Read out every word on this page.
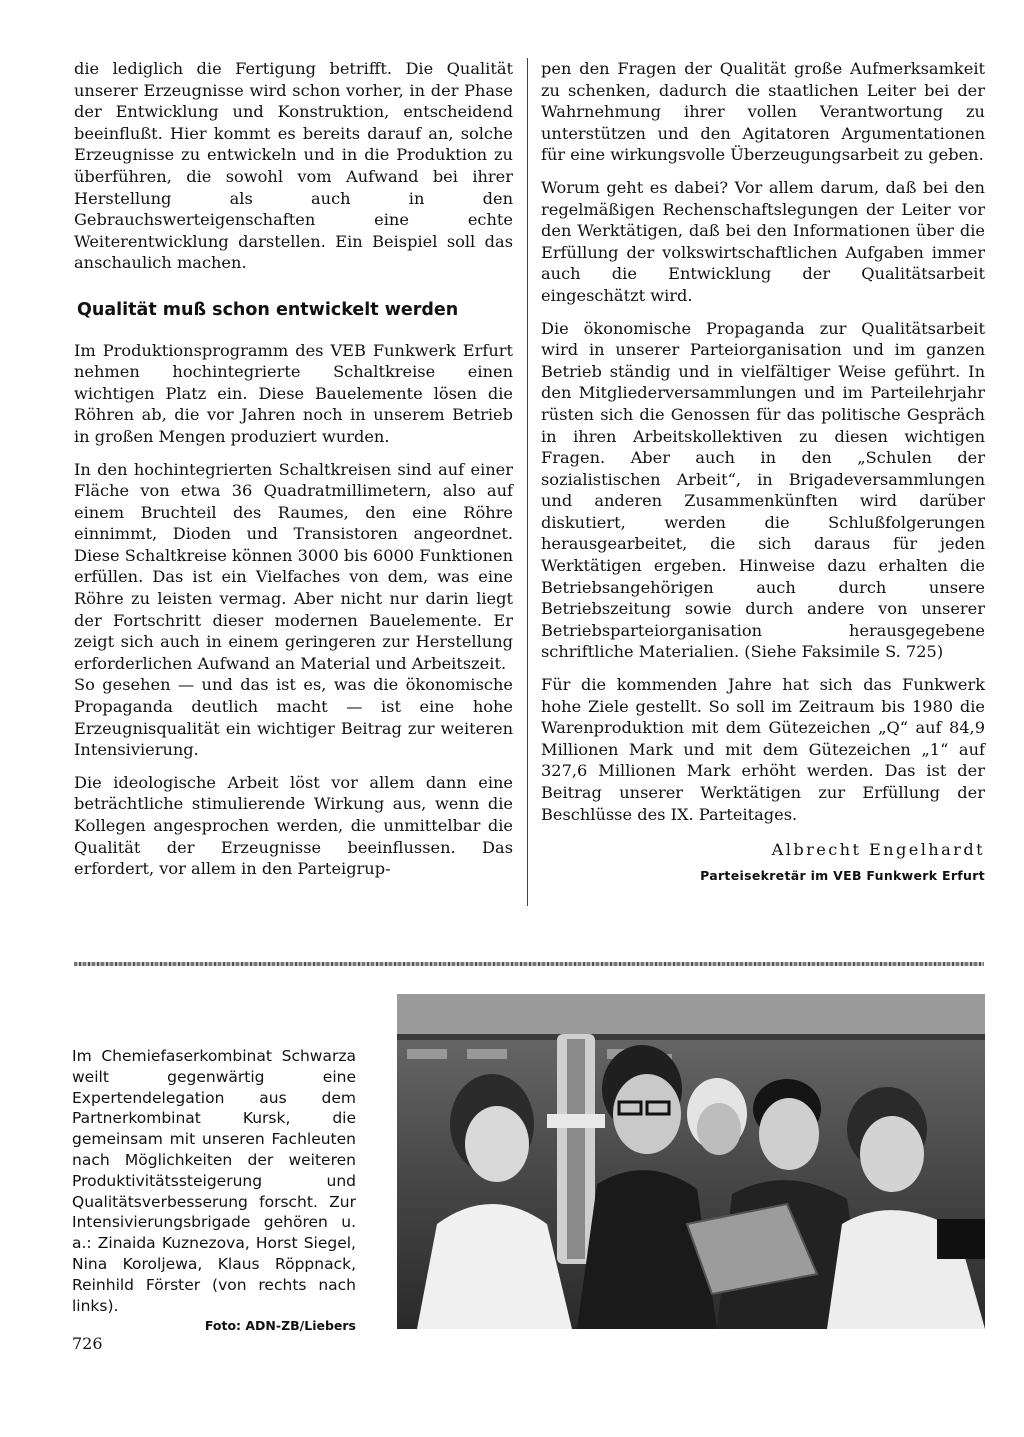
die lediglich die Fertigung betrifft. Die Qualität unserer Erzeugnisse wird schon vorher, in der Phase der Entwicklung und Konstruktion, entscheidend beeinflußt. Hier kommt es bereits darauf an, solche Erzeugnisse zu entwickeln und in die Produktion zu überführen, die sowohl vom Aufwand bei ihrer Herstellung als auch in den Gebrauchswerteigenschaften eine echte Weiterentwicklung darstellen. Ein Beispiel soll das anschaulich machen.

Qualität muß schon entwickelt werden

Im Produktionsprogramm des VEB Funkwerk Erfurt nehmen hochintegrierte Schaltkreise einen wichtigen Platz ein. Diese Bauelemente lösen die Röhren ab, die vor Jahren noch in unserem Betrieb in großen Mengen produziert wurden.

In den hochintegrierten Schaltkreisen sind auf einer Fläche von etwa 36 Quadratmillimetern, also auf einem Bruchteil des Raumes, den eine Röhre einnimmt, Dioden und Transistoren angeordnet. Diese Schaltkreise können 3000 bis 6000 Funktionen erfüllen. Das ist ein Vielfaches von dem, was eine Röhre zu leisten vermag. Aber nicht nur darin liegt der Fortschritt dieser modernen Bauelemente. Er zeigt sich auch in einem geringeren zur Herstellung erforderlichen Aufwand an Material und Arbeitszeit.

So gesehen — und das ist es, was die ökonomische Propaganda deutlich macht — ist eine hohe Erzeugnisqualität ein wichtiger Beitrag zur weiteren Intensivierung.

Die ideologische Arbeit löst vor allem dann eine beträchtliche stimulierende Wirkung aus, wenn die Kollegen angesprochen werden, die unmittelbar die Qualität der Erzeugnisse beeinflussen. Das erfordert, vor allem in den Parteigrup-

pen den Fragen der Qualität große Aufmerksamkeit zu schenken, dadurch die staatlichen Leiter bei der Wahrnehmung ihrer vollen Verantwortung zu unterstützen und den Agitatoren Argumentationen für eine wirkungsvolle Überzeugungsarbeit zu geben.

Worum geht es dabei? Vor allem darum, daß bei den regelmäßigen Rechenschaftslegungen der Leiter vor den Werktätigen, daß bei den Informationen über die Erfüllung der volkswirtschaftlichen Aufgaben immer auch die Entwicklung der Qualitätsarbeit eingeschätzt wird.

Die ökonomische Propaganda zur Qualitätsarbeit wird in unserer Parteiorganisation und im ganzen Betrieb ständig und in vielfältiger Weise geführt. In den Mitgliederversammlungen und im Parteilehrjahr rüsten sich die Genossen für das politische Gespräch in ihren Arbeitskollektiven zu diesen wichtigen Fragen. Aber auch in den „Schulen der sozialistischen Arbeit“, in Brigadeversammlungen und anderen Zusammenkünften wird darüber diskutiert, werden die Schlußfolgerungen herausgearbeitet, die sich daraus für jeden Werktätigen ergeben. Hinweise dazu erhalten die Betriebsangehörigen auch durch unsere Betriebszeitung sowie durch andere von unserer Betriebsparteiorganisation herausgegebene schriftliche Materialien. (Siehe Faksimile S. 725)

Für die kommenden Jahre hat sich das Funkwerk hohe Ziele gestellt. So soll im Zeitraum bis 1980 die Warenproduktion mit dem Gütezeichen „Q“ auf 84,9 Millionen Mark und mit dem Gütezeichen „1“ auf 327,6 Millionen Mark erhöht werden. Das ist der Beitrag unserer Werktätigen zur Erfüllung der Beschlüsse des IX. Parteitages.

Albrecht Engelhardt
Parteisekretär im VEB Funkwerk Erfurt
Im Chemiefaserkombinat Schwarza weilt gegenwärtig eine Expertendelegation aus dem Partnerkombinat Kursk, die gemeinsam mit unseren Fachleuten nach Möglichkeiten der weiteren Produktivitätssteigerung und Qualitätsverbesserung forscht. Zur Intensivierungsbrigade gehören u. a.: Zinaida Kuznezova, Horst Siegel, Nina Koroljewa, Klaus Röppnack, Reinhild Förster (von rechts nach links).
Foto: ADN-ZB/Liebers
726
